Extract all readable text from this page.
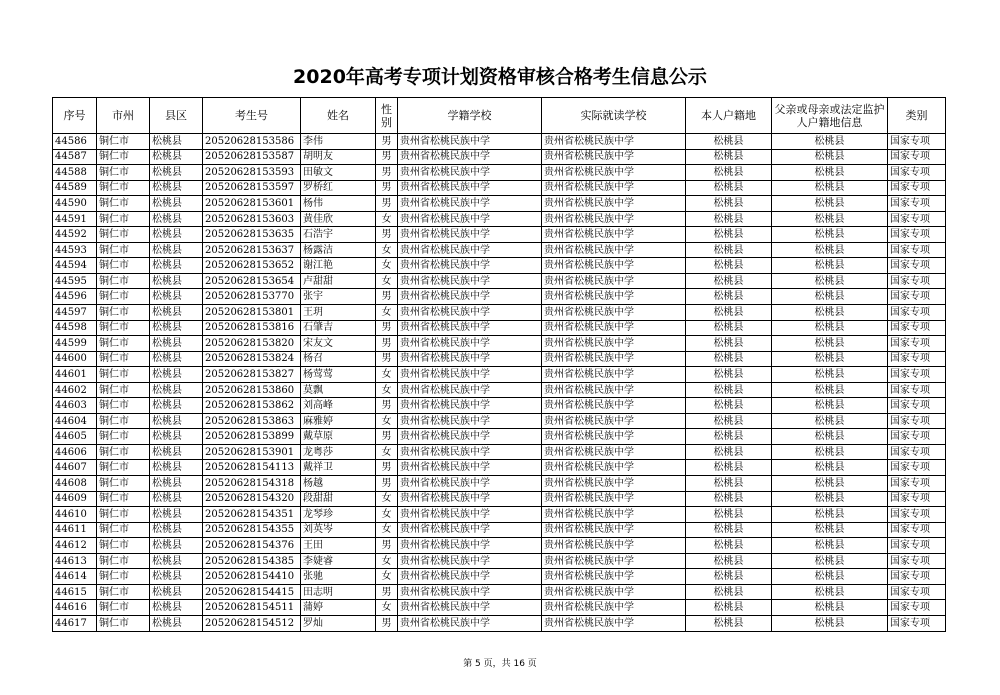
2020年高考专项计划资格审核合格考生信息公示
序号	市州	县区	考生号	姓名	性别	学籍学校	实际就读学校	本人户籍地	父亲或母亲或法定监护人户籍地信息	类别
44586	铜仁市	松桃县	20520628153586	李伟	男	贵州省松桃民族中学	贵州省松桃民族中学	松桃县	松桃县	国家专项
44587	铜仁市	松桃县	20520628153587	胡明友	男	贵州省松桃民族中学	贵州省松桃民族中学	松桃县	松桃县	国家专项
44588	铜仁市	松桃县	20520628153593	田敏文	男	贵州省松桃民族中学	贵州省松桃民族中学	松桃县	松桃县	国家专项
44589	铜仁市	松桃县	20520628153597	罗桥红	男	贵州省松桃民族中学	贵州省松桃民族中学	松桃县	松桃县	国家专项
44590	铜仁市	松桃县	20520628153601	杨伟	男	贵州省松桃民族中学	贵州省松桃民族中学	松桃县	松桃县	国家专项
44591	铜仁市	松桃县	20520628153603	黄佳欣	女	贵州省松桃民族中学	贵州省松桃民族中学	松桃县	松桃县	国家专项
44592	铜仁市	松桃县	20520628153635	石浩宇	男	贵州省松桃民族中学	贵州省松桃民族中学	松桃县	松桃县	国家专项
44593	铜仁市	松桃县	20520628153637	杨露洁	女	贵州省松桃民族中学	贵州省松桃民族中学	松桃县	松桃县	国家专项
44594	铜仁市	松桃县	20520628153652	谢江艳	女	贵州省松桃民族中学	贵州省松桃民族中学	松桃县	松桃县	国家专项
44595	铜仁市	松桃县	20520628153654	卢甜甜	女	贵州省松桃民族中学	贵州省松桃民族中学	松桃县	松桃县	国家专项
44596	铜仁市	松桃县	20520628153770	张宇	男	贵州省松桃民族中学	贵州省松桃民族中学	松桃县	松桃县	国家专项
44597	铜仁市	松桃县	20520628153801	王玥	女	贵州省松桃民族中学	贵州省松桃民族中学	松桃县	松桃县	国家专项
44598	铜仁市	松桃县	20520628153816	石肇吉	男	贵州省松桃民族中学	贵州省松桃民族中学	松桃县	松桃县	国家专项
44599	铜仁市	松桃县	20520628153820	宋友文	男	贵州省松桃民族中学	贵州省松桃民族中学	松桃县	松桃县	国家专项
44600	铜仁市	松桃县	20520628153824	杨召	男	贵州省松桃民族中学	贵州省松桃民族中学	松桃县	松桃县	国家专项
44601	铜仁市	松桃县	20520628153827	杨莺莺	女	贵州省松桃民族中学	贵州省松桃民族中学	松桃县	松桃县	国家专项
44602	铜仁市	松桃县	20520628153860	莫飘	女	贵州省松桃民族中学	贵州省松桃民族中学	松桃县	松桃县	国家专项
44603	铜仁市	松桃县	20520628153862	刘高峰	男	贵州省松桃民族中学	贵州省松桃民族中学	松桃县	松桃县	国家专项
44604	铜仁市	松桃县	20520628153863	麻雅婷	女	贵州省松桃民族中学	贵州省松桃民族中学	松桃县	松桃县	国家专项
44605	铜仁市	松桃县	20520628153899	戴草原	男	贵州省松桃民族中学	贵州省松桃民族中学	松桃县	松桃县	国家专项
44606	铜仁市	松桃县	20520628153901	龙粤莎	女	贵州省松桃民族中学	贵州省松桃民族中学	松桃县	松桃县	国家专项
44607	铜仁市	松桃县	20520628154113	戴祥卫	男	贵州省松桃民族中学	贵州省松桃民族中学	松桃县	松桃县	国家专项
44608	铜仁市	松桃县	20520628154318	杨越	男	贵州省松桃民族中学	贵州省松桃民族中学	松桃县	松桃县	国家专项
44609	铜仁市	松桃县	20520628154320	段甜甜	女	贵州省松桃民族中学	贵州省松桃民族中学	松桃县	松桃县	国家专项
44610	铜仁市	松桃县	20520628154351	龙琴珍	女	贵州省松桃民族中学	贵州省松桃民族中学	松桃县	松桃县	国家专项
44611	铜仁市	松桃县	20520628154355	刘英岑	女	贵州省松桃民族中学	贵州省松桃民族中学	松桃县	松桃县	国家专项
44612	铜仁市	松桃县	20520628154376	王田	男	贵州省松桃民族中学	贵州省松桃民族中学	松桃县	松桃县	国家专项
44613	铜仁市	松桃县	20520628154385	李婕睿	女	贵州省松桃民族中学	贵州省松桃民族中学	松桃县	松桃县	国家专项
44614	铜仁市	松桃县	20520628154410	张驰	女	贵州省松桃民族中学	贵州省松桃民族中学	松桃县	松桃县	国家专项
44615	铜仁市	松桃县	20520628154415	田志明	男	贵州省松桃民族中学	贵州省松桃民族中学	松桃县	松桃县	国家专项
44616	铜仁市	松桃县	20520628154511	蒲婷	女	贵州省松桃民族中学	贵州省松桃民族中学	松桃县	松桃县	国家专项
44617	铜仁市	松桃县	20520628154512	罗灿	男	贵州省松桃民族中学	贵州省松桃民族中学	松桃县	松桃县	国家专项
第 5 页，共 16 页
